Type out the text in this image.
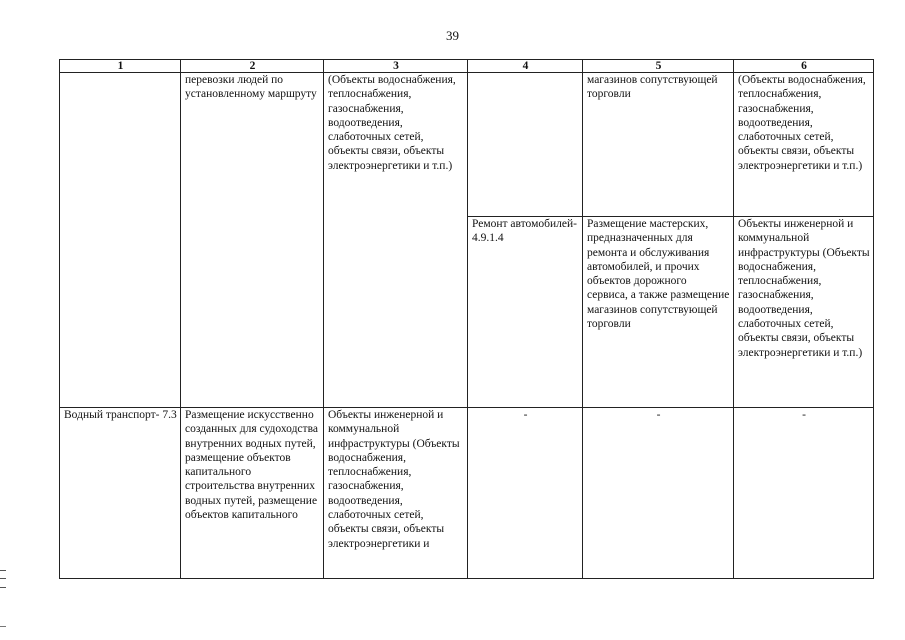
39
1	2	3	4	5	6
	перевозки людей по установленному маршруту	(Объекты водоснабжения, теплоснабжения, газоснабжения, водоотведения, слаботочных сетей, объекты связи, объекты электроэнергетики и т.п.)		магазинов сопутствующей торговли	(Объекты водоснабжения, теплоснабжения, газоснабжения, водоотведения, слаботочных сетей, объекты связи, объекты электроэнергетики и т.п.)
			Ремонт автомобилей- 4.9.1.4	Размещение мастерских, предназначенных для ремонта и обслуживания автомобилей, и прочих объектов дорожного сервиса, а также размещение магазинов сопутствующей торговли	Объекты инженерной и коммунальной инфраструктуры (Объекты водоснабжения, теплоснабжения, газоснабжения, водоотведения, слаботочных сетей, объекты связи, объекты электроэнергетики и т.п.)
Водный транспорт- 7.3	Размещение искусственно созданных для судоходства внутренних водных путей, размещение объектов капитального строительства внутренних водных путей, размещение объектов капитального	Объекты инженерной и коммунальной инфраструктуры (Объекты водоснабжения, теплоснабжения, газоснабжения, водоотведения, слаботочных сетей, объекты связи, объекты электроэнергетики и	-	-	-
